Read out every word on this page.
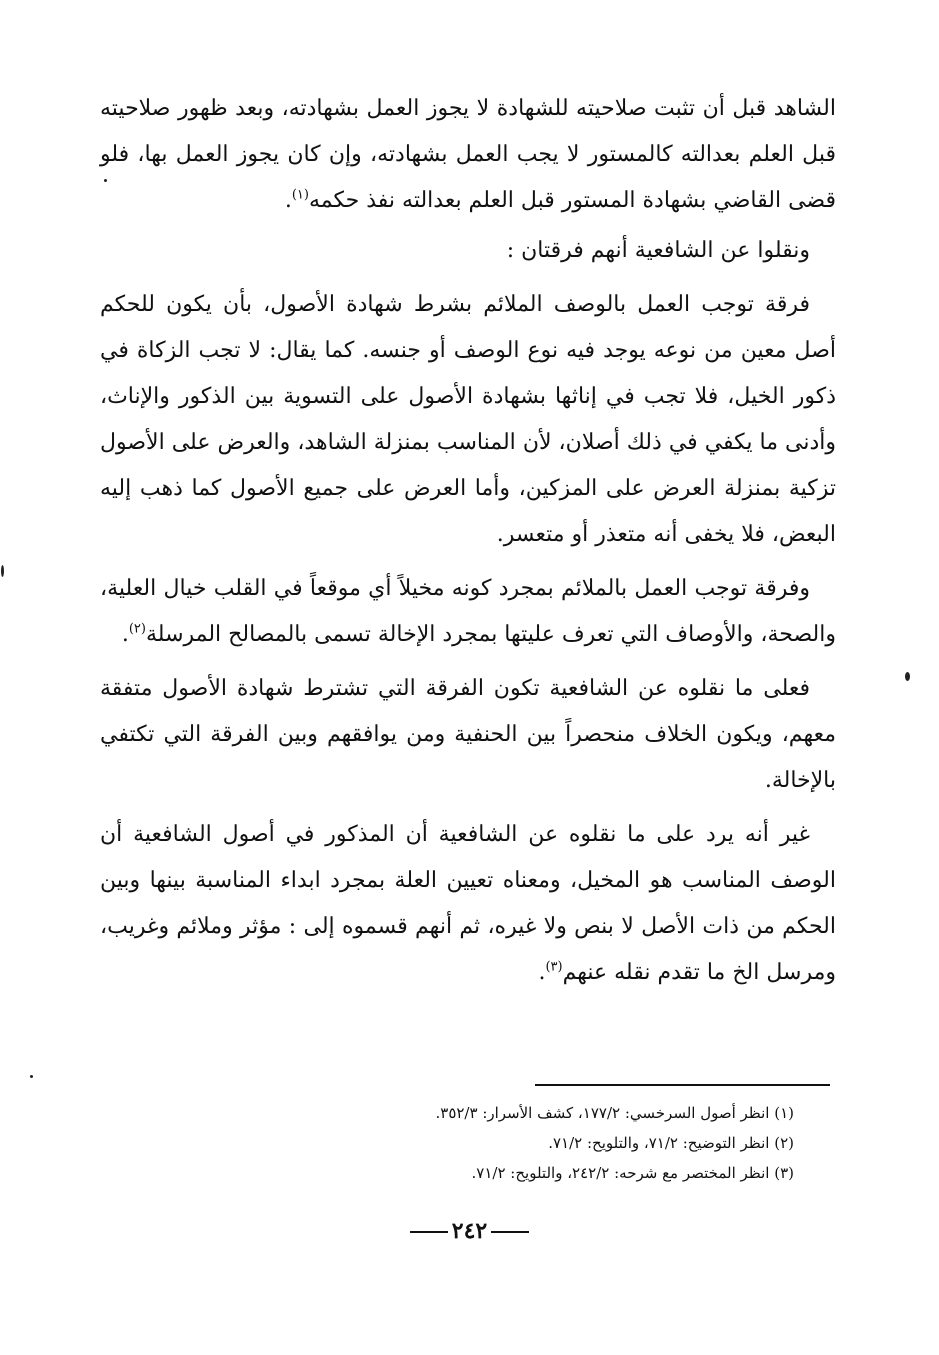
الشاهد قبل أن تثبت صلاحيته للشهادة لا يجوز العمل بشهادته، وبعد ظهور صلاحيته قبل العلم بعدالته كالمستور لا يجب العمل بشهادته، وإن كان يجوز العمل بها، فلو قضى القاضي بشهادة المستور قبل العلم بعدالته نفذ حكمه$^{(١)}$.

ونقلوا عن الشافعية أنهم فرقتان :

فرقة توجب العمل بالوصف الملائم بشرط شهادة الأصول، بأن يكون للحكم أصل معين من نوعه يوجد فيه نوع الوصف أو جنسه. كما يقال: لا تجب الزكاة في ذكور الخيل، فلا تجب في إناثها بشهادة الأصول على التسوية بين الذكور والإناث، وأدنى ما يكفي في ذلك أصلان، لأن المناسب بمنزلة الشاهد، والعرض على الأصول تزكية بمنزلة العرض على المزكين، وأما العرض على جميع الأصول كما ذهب إليه البعض، فلا يخفى أنه متعذر أو متعسر.

وفرقة توجب العمل بالملائم بمجرد كونه مخيلاً أي موقعاً في القلب خيال العلية، والصحة، والأوصاف التي تعرف عليتها بمجرد الإخالة تسمى بالمصالح المرسلة$^{(٢)}$.

فعلى ما نقلوه عن الشافعية تكون الفرقة التي تشترط شهادة الأصول متفقة معهم، ويكون الخلاف منحصراً بين الحنفية ومن يوافقهم وبين الفرقة التي تكتفي بالإخالة.

غير أنه يرد على ما نقلوه عن الشافعية أن المذكور في أصول الشافعية أن الوصف المناسب هو المخيل، ومعناه تعيين العلة بمجرد ابداء المناسبة بينها وبين الحكم من ذات الأصل لا بنص ولا غيره، ثم أنهم قسموه إلى : مؤثر وملائم وغريب، ومرسل الخ ما تقدم نقله عنهم$^{(٣)}$.

(١) انظر أصول السرخسي: ١٧٧/٢، كشف الأسرار: ٣٥٢/٣.

(٢) انظر التوضيح: ٧١/٢، والتلويح: ٧١/٢.

(٣) انظر المختصر مع شرحه: ٢٤٢/٢، والتلويح: ٧١/٢.

٢٤٢
